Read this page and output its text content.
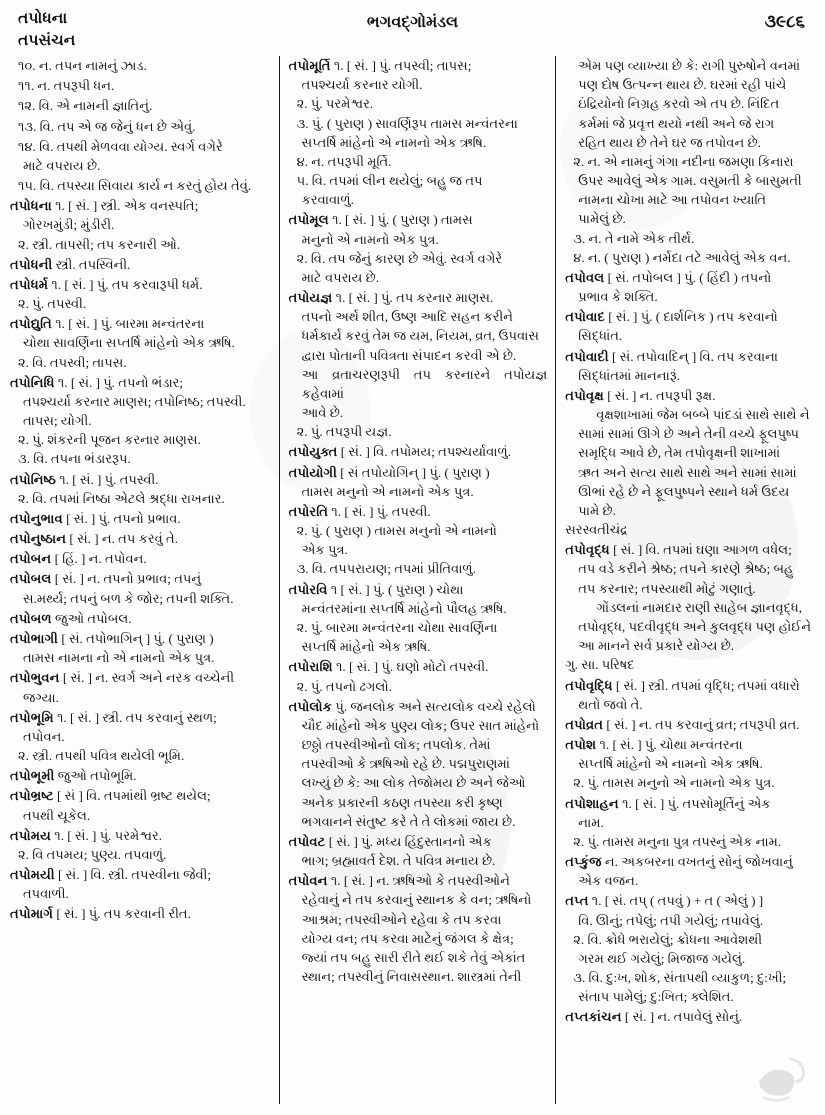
તપોધના
તપસંચન
ભગવદ્ગોમંડલ	૩૯૮૬

૧૦. ન. તપન નામનું ઝાડ.

૧૧. ન. તપરૂપી ધન.

૧૨. વિ. એ નામની જ્ઞાતિનું.

૧૩. વિ. તપ એ જ જેનું ધન છે એવું.

૧૪. વિ. તપથી મેળવવા યોગ્ય. સ્વર્ગ વગેરે

માટે વપરાય છે.

૧૫. વિ. તપસ્યા સિવાય કાર્ય ન કરતું હોય તેવું.

તપોધના ૧. [ સં. ] સ્ત્રી. એક વનસ્પતિ;

ગોરખમુંડી; મુંડીરી.

૨. સ્ત્રી. તાપસી; તપ કરનારી ઓ.

તપોધની સ્ત્રી. તપસ્વિની.

તપોધર્મ ૧. [ સં. ] પું. તપ કરવારૂપી ધર્મ.

૨. પું. તપસ્વી.

તપોદ્યુતિ ૧. [ સં. ] પું. બારમા મન્વંતરના

ચોથા સાવર્ણિના સપ્તર્ષિ માંહેનો એક ઋષિ.

૨. વિ. તપસ્વી; તાપસ.

તપોનિધિ ૧. [ સં. ] પું. તપનો ભંડાર;

તપશ્ચર્યા કરનાર માણસ; તપોનિષ્ઠ; તપસ્વી.

તાપસ; યોગી.

૨. પું. શંકરની પૂજન કરનાર માણસ.

૩. વિ. તપના ભંડારરૂપ.

તપોનિષ્ઠ ૧. [ સં. ] પું. તપસ્વી.

૨. વિ. તપમાં નિષ્ઠા એટલે શ્રદ્ધા રાખનાર.

તપોનુભાવ [ સં. ] પું. તપનો પ્રભાવ.

તપોનુષ્ઠાન [ સં. ] ન. તપ કરવું તે.

તપોબન [ હિં. ] ન. તપોવન.

તપોબલ [ સં. ] ન. તપનો પ્રભાવ; તપનું

સ.મર્થ્ય; તપનું બળ કે જોર; તપની શક્તિ.

તપોબળ જુઓ તપોબલ.

તપોભાગી [ સં. તપોભાગિન્ ] પું. ( પુરાણ )

તામસ નામના નો એ નામનો એક પુત્ર.

તપોભુવન [ સં. ] ન. સ્વર્ગ અને નરક વચ્ચેની

જગ્યા.

તપોભૂમિ ૧. [ સં. ] સ્ત્રી. તપ કરવાનું સ્થળ;

તપોવન.

૨. સ્ત્રી. તપથી પવિત્ર થયેલી ભૂમિ.

તપોભૂમી જુઓ તપોભૂમિ.

તપોભ્રષ્ટ [ સં ] વિ. તપમાંથી ભ્રષ્ટ થયેલ;

તપથી ચૂકેલ.

તપોમય ૧. [ સં. ] પું. પરમેશ્વર.

૨. વિ તપમય; પુણ્ય. તપવાળું.

તપોમયી [ સં. ] વિ. સ્ત્રી. તપસ્વીના જેવી;

તપવાળી.

તપોમાર્ગ [ સં. ] પું. તપ કરવાની રીત.

તપોમૂર્તિ ૧. [ સં. ] પું. તપસ્વી; તાપસ;

તપશ્ચર્યા કરનાર યોગી.

૨. પું. પરમેશ્વર.

૩. પું. ( પુરાણ ) સાવર્ણિરૂપ તામસ મન્વંતરના

સપ્તર્ષિ માંહેનો એ નામનો એક ઋષિ.

૪. ન. તપરૂપી મૂર્તિ.

૫. વિ. તપમાં લીન થયેલું; બહુ જ તપ

કરવાવાળું.

તપોમૂલ ૧. [ સં. ] પું. ( પુરાણ ) તામસ

મનુનો એ નામનો એક પુત્ર.

૨. વિ. તપ જેનું કારણ છે એવું. સ્વર્ગ વગેરે

માટે વપરાય છે.

તપોયજ્ઞ ૧. [ સં. ] પું. તપ કરનાર માણસ.

તપનો અર્થ શીત, ઉષ્ણ આદિ સહન કરીને

ધર્મકાર્ય કરવું તેમ જ યમ, નિયમ, વ્રત, ઉપવાસ

દ્વારા પોતાની પવિત્રતા સંપાદન કરવી એ છે.

આ વ્રતાચરણરૂપી તપ કરનારને તપોયજ્ઞ કહેવામાં

આવે છે.

૨. પું. તપરૂપી યજ્ઞ.

તપોયુક્ત [ સં. ] વિ. તપોમય; તપશ્ચર્યાવાળું.

તપોયોગી [ સં તપોયોગિન્ ] પું. ( પુરાણ )

તામસ મનુનો એ નામનો એક પુત્ર.

તપોરતિ ૧. [ સં. ] પું. તપસ્વી.

૨. પું. ( પુરાણ ) તામસ મનુનો એ નામનો

એક પુત્ર.

૩. વિ. તપપરાયણ; તપમાં પ્રીતિવાળું.

તપોરવિ ૧ [ સં. ] પું. ( પુરાણ ) ચોથા

મન્વંતરમાંના સપ્તર્ષિ માંહેનો પૌલહ ઋષિ.

૨. પું. બારમા મન્વંતરના ચોથા સાવર્ણિના

સપ્તર્ષિ માંહેનો એક ઋષિ.

તપોરાશિ ૧. [ સં. ] પું. ઘણો મોટો તપસ્વી.

૨. પું. તપનો ઢગલો.

તપોલોક પું. જનલોક અને સત્યલોક વચ્ચે રહેલો

ચૌદ માંહેનો એક પુણ્ય લોક; ઉપર સાત માંહેનો

છઠ્ઠો તપસ્વીઓનો લોક; તપલોક. તેમાં

તપસ્વીઓ કે ઋષિઓ રહે છે. પદ્મપુરાણમાં

લખ્યું છે કે: આ લોક તેજોમય છે અને જેઓ

અનેક પ્રકારની કઠણ તપસ્યા કરી કૃષ્ણ

ભગવાનને સંતુષ્ટ કરે તે તે લોકમાં જાય છે.

તપોવટ [ સં. ] પું. મધ્ય હિંદુસ્તાનનો એક

ભાગ; બ્રહ્માવર્ત દેશ. તે પવિત્ર મનાય છે.

તપોવન ૧. [ સં. ] ન. ઋષિઓ કે તપસ્વીઓને

રહેવાનું ને તપ કરવાનું સ્થાનક કે વન; ઋષિનો

આશ્રમ; તપસ્વીઓને રહેવા કે તપ કરવા

યોગ્ય વન; તપ કરવા માટેનું જંગલ કે ક્ષેત્ર;

જ્યાં તપ બહુ સારી રીતે થઈ શકે તેવું એકાંત

સ્થાન; તપસ્વીનું નિવાસસ્થાન. શાસ્ત્રમાં તેની

એમ પણ વ્યાખ્યા છે કે: રાગી પુરુષોને વનમાં

પણ દોષ ઉત્પન્ન થાય છે. ઘરમાં રહી પાંચે

ઇંદ્રિયોનો નિગ્રહ કરવો એ તપ છે. નિંદિત

કર્મમાં જે પ્રવૃત્ત થયો નથી અને જે રાગ

રહિત થાય છે તેને ઘર જ તપોવન છે.

૨. ન. એ નામનું ગંગા નદીના જમણા કિનારા

ઉપર આવેલું એક ગામ. વસુમતી કે બાસુમતી

નામના ચોખા માટે આ તપોવન ખ્યાતિ

પામેલું છે.

૩. ન. તે નામે એક તીર્થ.

૪. ન. ( પુરાણ ) નર્મદા તટે આવેલું એક વન.

તપોવલ [ સં. તપોબલ ] પું. ( હિંદી ) તપનો

પ્રભાવ કે શક્તિ.

તપોવાદ [ સં. ] પું. ( દાર્શનિક ) તપ કરવાનો

સિદ્ધાંત.

તપોવાદી [ સં. તપોવાદિન્ ] વિ. તપ કરવાના

સિદ્ધાંતમાં માનનારૂં.

તપોવૃક્ષ [ સં. ] ન. તપરૂપી રૂક્ષ.

વૃક્ષશાખામાં જેમ બબ્બે પાંદડાં સાથે સાથે ને

સામાં સામાં ઊગે છે અને તેની વચ્ચે ફૂલપુષ્પ

સમૃદ્ધિ આવે છે, તેમ તપોવૃક્ષની શાખામાં

ઋત અને સત્ય સાથે સાથે અને સામાં સામાં

ઊભાં રહે છે ને ફૂલપુષ્પને સ્થાને ધર્મ ઉદય

પામે છે.

સરસ્વતીચંદ્ર

તપોવૃદ્ધ [ સં. ] વિ. તપમાં ઘણા આગળ વધેલ;

તપ વડે કરીને શ્રેષ્ઠ; તપને કારણે શ્રેષ્ઠ; બહુ

તપ કરનાર; તપસ્યાથી મોટું ગણાતું.

ગોંડલનાં નામદાર રાણી સાહેબ જ્ઞાનવૃદ્ધ,

તપોવૃદ્ધ, પદવીવૃદ્ધ અને કુલવૃદ્ધ પણ હોઈને

આ માનને સર્વ પ્રકારે યોગ્ય છે.

ગુ. સા. પરિષદ

તપોવૃદ્ધિ [ સં. ] સ્ત્રી. તપમાં વૃદ્ધિ; તપમાં વધારો

થતો જવો તે.

તપોવ્રત [ સં. ] ન. તપ કરવાનું વ્રત; તપરૂપી વ્રત.

તપોશ ૧. [ સં. ] પું. ચોથા મન્વંતરના

સપ્તર્ષિ માંહેનો એ નામનો એક ઋષિ.

૨. પું. તામસ મનુનો એ નામનો એક પુત્ર.

તપોશાહન ૧. [ સં. ] પું. તપસોમૂર્તિનું એક

નામ.

૨. પું. તામસ મનુના પુત્ર તપસ્નું એક નામ.

તપ્કુંજ ન. અકબરના વખતનું સોનું જોખવાનું

એક વજન.

તપ્ત ૧. [ સં. તપ્ ( તપવું ) + ત ( એલું ) ]

વિ. ઊનું; તપેલું; તપી ગયેલું; તપાવેલું.

૨. વિ. ક્રોધે ભરાયેલું; ક્રોધના આવેશથી

ગરમ થઈ ગયેલું; મિજાજ ગયેલું.

૩. વિ. દુ:ખ, શોક, સંતાપથી વ્યાકુળ; દુ:ખી;

સંતાપ પામેલું; દુ:ખિત; ક્લેશિત.

તપ્તકાંચન [ સં. ] ન. તપાવેલું સોનું.
